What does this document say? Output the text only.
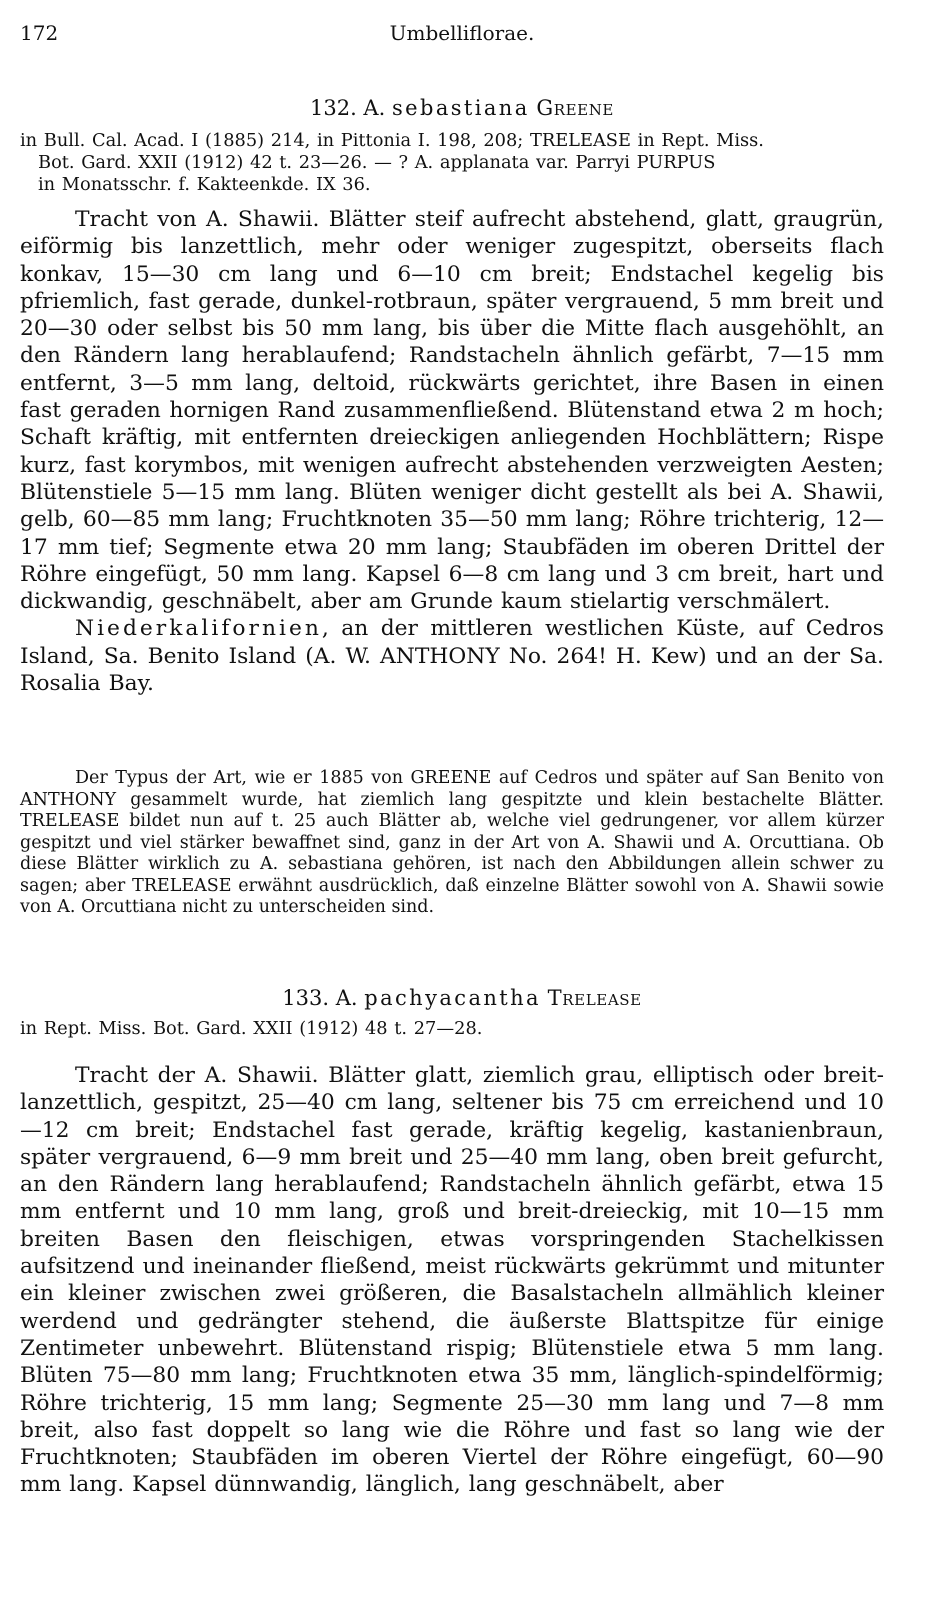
172	Umbelliflorae.
132. A. sebastiana Greene
in Bull. Cal. Acad. I (1885) 214, in Pittonia I. 198, 208; TRELEASE in Rept. Miss.
Bot. Gard. XXII (1912) 42 t. 23—26. — ? A. applanata var. Parryi PURPUS
in Monatsschr. f. Kakteenkde. IX 36.

Tracht von A. Shawii. Blätter steif aufrecht abstehend, glatt, graugrün, eiförmig bis lanzettlich, mehr oder weniger zugespitzt, oberseits flach konkav, 15—30 cm lang und 6—10 cm breit; Endstachel kegelig bis pfriemlich, fast gerade, dunkel-rotbraun, später vergrauend, 5 mm breit und 20—30 oder selbst bis 50 mm lang, bis über die Mitte flach ausgehöhlt, an den Rändern lang herablaufend; Randstacheln ähnlich gefärbt, 7—15 mm entfernt, 3—5 mm lang, deltoid, rückwärts gerichtet, ihre Basen in einen fast geraden hornigen Rand zusammenfließend. Blütenstand etwa 2 m hoch; Schaft kräftig, mit entfernten dreieckigen anliegenden Hochblättern; Rispe kurz, fast korymbos, mit wenigen aufrecht abstehenden verzweigten Aesten; Blütenstiele 5—15 mm lang. Blüten weniger dicht gestellt als bei A. Shawii, gelb, 60—85 mm lang; Fruchtknoten 35—50 mm lang; Röhre trichterig, 12—17 mm tief; Segmente etwa 20 mm lang; Staubfäden im oberen Drittel der Röhre eingefügt, 50 mm lang. Kapsel 6—8 cm lang und 3 cm breit, hart und dickwandig, geschnäbelt, aber am Grunde kaum stielartig verschmälert.

Niederkalifornien, an der mittleren westlichen Küste, auf Cedros Island, Sa. Benito Island (A. W. ANTHONY No. 264! H. Kew) und an der Sa. Rosalia Bay.

Der Typus der Art, wie er 1885 von GREENE auf Cedros und später auf San Benito von ANTHONY gesammelt wurde, hat ziemlich lang gespitzte und klein bestachelte Blätter. TRELEASE bildet nun auf t. 25 auch Blätter ab, welche viel gedrungener, vor allem kürzer gespitzt und viel stärker bewaffnet sind, ganz in der Art von A. Shawii und A. Orcuttiana. Ob diese Blätter wirklich zu A. sebastiana gehören, ist nach den Abbildungen allein schwer zu sagen; aber TRELEASE erwähnt ausdrücklich, daß einzelne Blätter sowohl von A. Shawii sowie von A. Orcuttiana nicht zu unterscheiden sind.

133. A. pachyacantha Trelease
in Rept. Miss. Bot. Gard. XXII (1912) 48 t. 27—28.

Tracht der A. Shawii. Blätter glatt, ziemlich grau, elliptisch oder breit-lanzettlich, gespitzt, 25—40 cm lang, seltener bis 75 cm erreichend und 10—12 cm breit; Endstachel fast gerade, kräftig kegelig, kastanienbraun, später vergrauend, 6—9 mm breit und 25—40 mm lang, oben breit gefurcht, an den Rändern lang herablaufend; Randstacheln ähnlich gefärbt, etwa 15 mm entfernt und 10 mm lang, groß und breit-dreieckig, mit 10—15 mm breiten Basen den fleischigen, etwas vorspringenden Stachelkissen aufsitzend und ineinander fließend, meist rückwärts gekrümmt und mitunter ein kleiner zwischen zwei größeren, die Basalstacheln allmählich kleiner werdend und gedrängter stehend, die äußerste Blattspitze für einige Zentimeter unbewehrt. Blütenstand rispig; Blütenstiele etwa 5 mm lang. Blüten 75—80 mm lang; Fruchtknoten etwa 35 mm, länglich-spindelförmig; Röhre trichterig, 15 mm lang; Segmente 25—30 mm lang und 7—8 mm breit, also fast doppelt so lang wie die Röhre und fast so lang wie der Fruchtknoten; Staubfäden im oberen Viertel der Röhre eingefügt, 60—90 mm lang. Kapsel dünnwandig, länglich, lang geschnäbelt, aber
